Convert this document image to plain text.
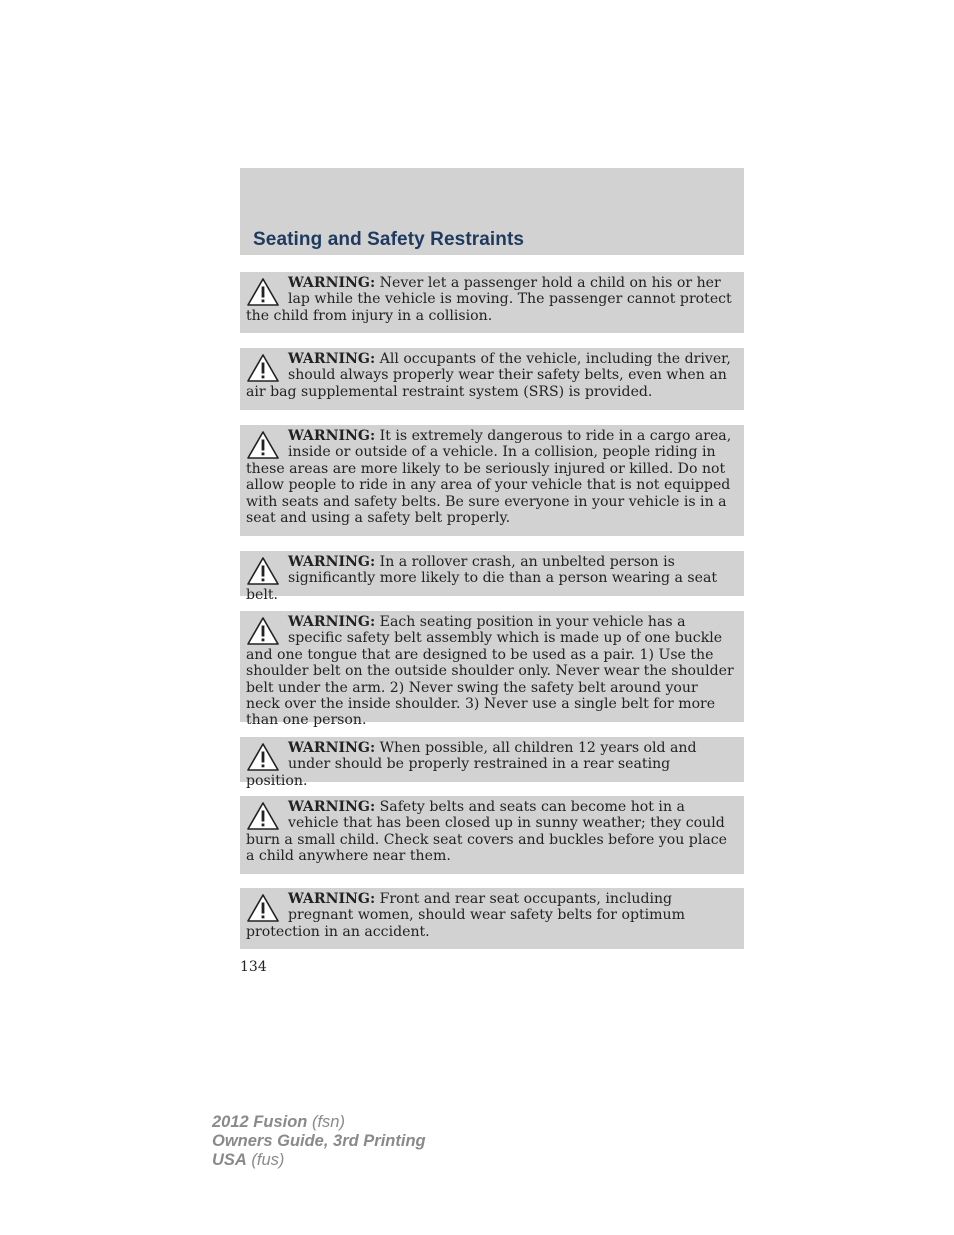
Seating and Safety Restraints
WARNING: Never let a passenger hold a child on his or her lap while the vehicle is moving. The passenger cannot protect the child from injury in a collision.
WARNING: All occupants of the vehicle, including the driver, should always properly wear their safety belts, even when an air bag supplemental restraint system (SRS) is provided.
WARNING: It is extremely dangerous to ride in a cargo area, inside or outside of a vehicle. In a collision, people riding in these areas are more likely to be seriously injured or killed. Do not allow people to ride in any area of your vehicle that is not equipped with seats and safety belts. Be sure everyone in your vehicle is in a seat and using a safety belt properly.
WARNING: In a rollover crash, an unbelted person is significantly more likely to die than a person wearing a seat belt.
WARNING: Each seating position in your vehicle has a specific safety belt assembly which is made up of one buckle and one tongue that are designed to be used as a pair. 1) Use the shoulder belt on the outside shoulder only. Never wear the shoulder belt under the arm. 2) Never swing the safety belt around your neck over the inside shoulder. 3) Never use a single belt for more than one person.
WARNING: When possible, all children 12 years old and under should be properly restrained in a rear seating position.
WARNING: Safety belts and seats can become hot in a vehicle that has been closed up in sunny weather; they could burn a small child. Check seat covers and buckles before you place a child anywhere near them.
WARNING: Front and rear seat occupants, including pregnant women, should wear safety belts for optimum protection in an accident.
134
2012 Fusion (fsn)
Owners Guide, 3rd Printing
USA (fus)
